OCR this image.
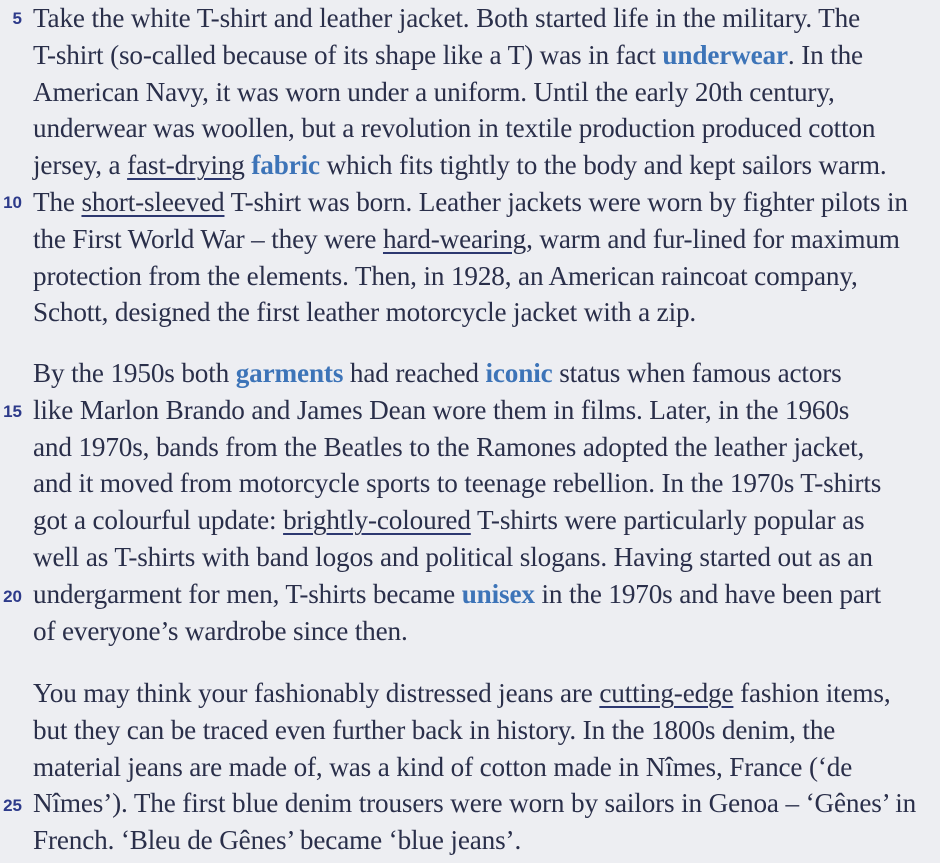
5
10
15
20
25
Take the white T-shirt and leather jacket. Both started life in the military. The
T-shirt (so-called because of its shape like a T) was in fact underwear. In the
American Navy, it was worn under a uniform. Until the early 20th century,
underwear was woollen, but a revolution in textile production produced cotton
jersey, a fast-drying fabric which fits tightly to the body and kept sailors warm.
The short-sleeved T-shirt was born. Leather jackets were worn by fighter pilots in
the First World War – they were hard-wearing, warm and fur-lined for maximum
protection from the elements. Then, in 1928, an American raincoat company,
Schott, designed the first leather motorcycle jacket with a zip.
By the 1950s both garments had reached iconic status when famous actors
like Marlon Brando and James Dean wore them in films. Later, in the 1960s
and 1970s, bands from the Beatles to the Ramones adopted the leather jacket,
and it moved from motorcycle sports to teenage rebellion. In the 1970s T-shirts
got a colourful update: brightly-coloured T-shirts were particularly popular as
well as T-shirts with band logos and political slogans. Having started out as an
undergarment for men, T-shirts became unisex in the 1970s and have been part
of everyone’s wardrobe since then.
You may think your fashionably distressed jeans are cutting-edge fashion items,
but they can be traced even further back in history. In the 1800s denim, the
material jeans are made of, was a kind of cotton made in Nîmes, France (‘de
Nîmes’). The first blue denim trousers were worn by sailors in Genoa – ‘Gênes’ in
French. ‘Bleu de Gênes’ became ‘blue jeans’.
